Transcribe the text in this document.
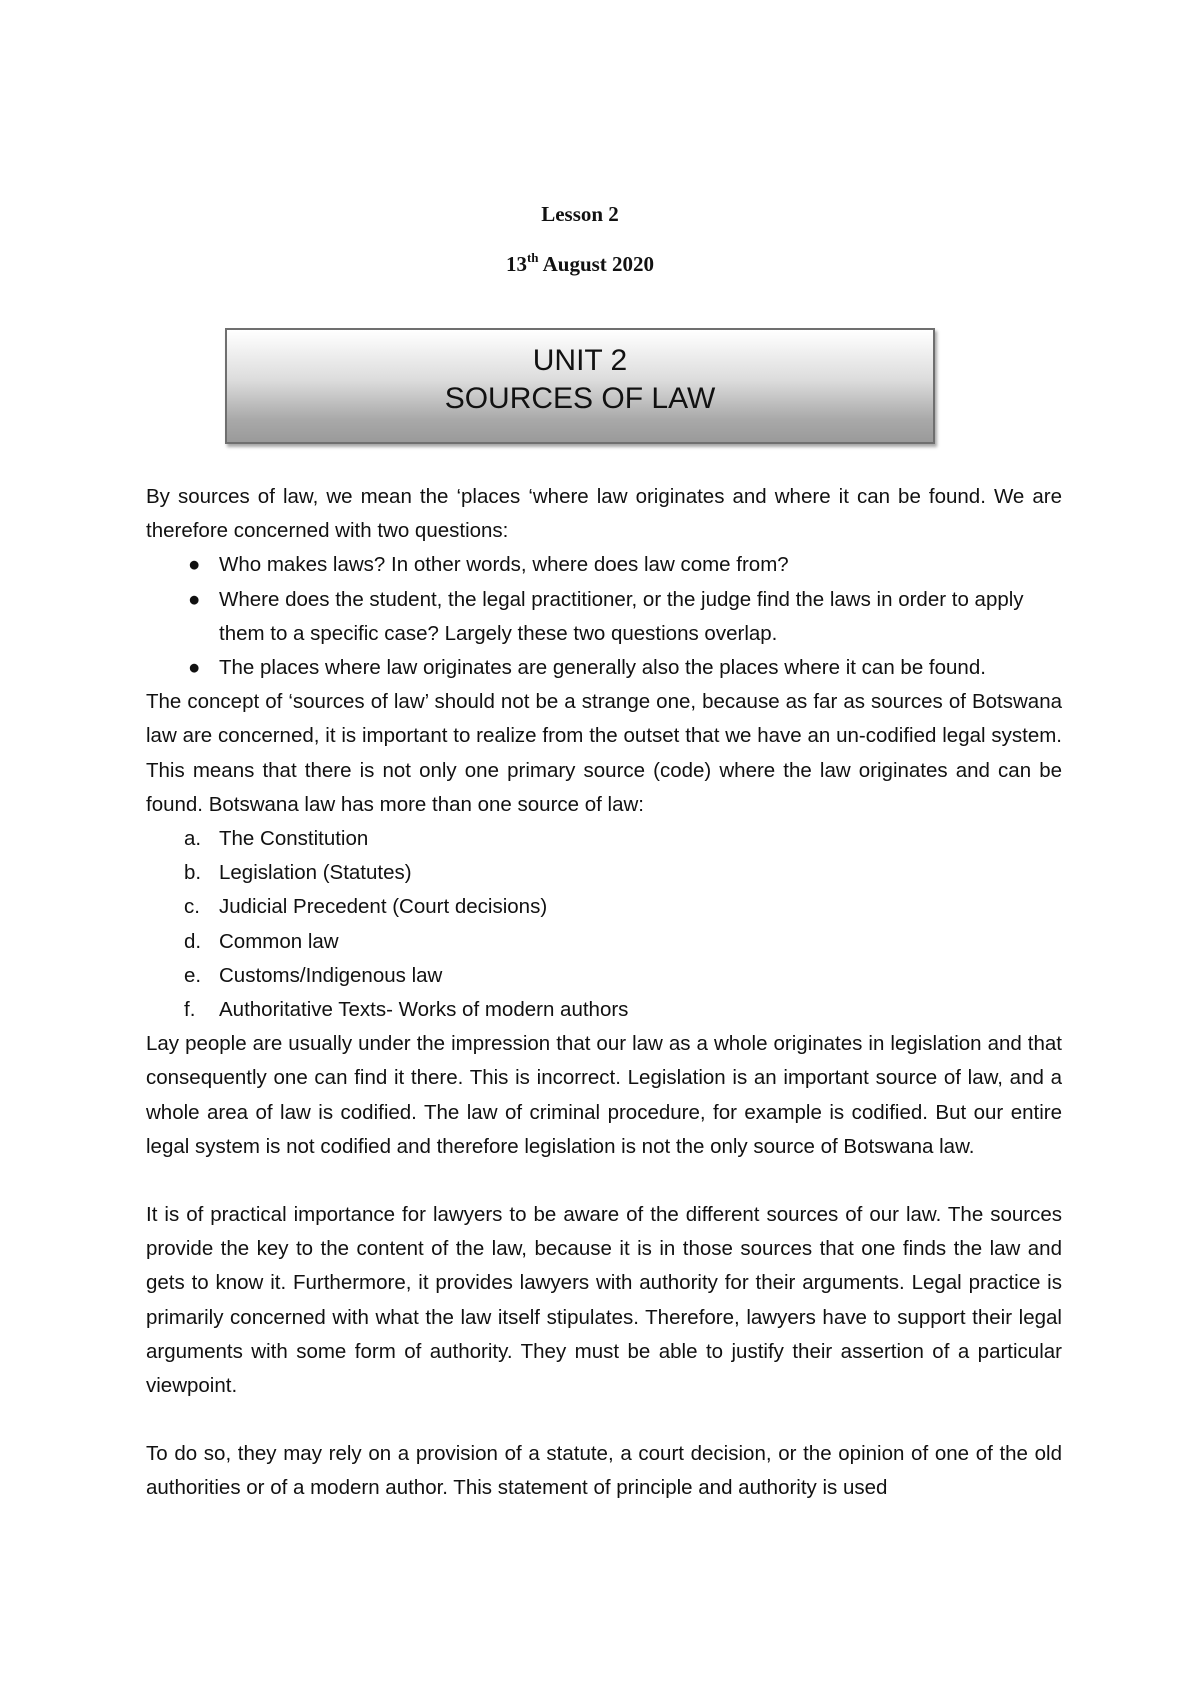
Lesson 2
13th August 2020
UNIT 2
SOURCES OF LAW

By sources of law, we mean the ‘places ‘where law originates and where it can be found. We are therefore concerned with two questions:

● Who makes laws? In other words, where does law come from?
● Where does the student, the legal practitioner, or the judge find the laws in order to apply them to a specific case? Largely these two questions overlap.
● The places where law originates are generally also the places where it can be found.

The concept of ‘sources of law’ should not be a strange one, because as far as sources of Botswana law are concerned, it is important to realize from the outset that we have an un-codified legal system. This means that there is not only one primary source (code) where the law originates and can be found. Botswana law has more than one source of law:

a. The Constitution
b. Legislation (Statutes)
c. Judicial Precedent (Court decisions)
d. Common law
e. Customs/Indigenous law
f. Authoritative Texts- Works of modern authors

Lay people are usually under the impression that our law as a whole originates in legislation and that consequently one can find it there. This is incorrect. Legislation is an important source of law, and a whole area of law is codified. The law of criminal procedure, for example is codified. But our entire legal system is not codified and therefore legislation is not the only source of Botswana law.

It is of practical importance for lawyers to be aware of the different sources of our law. The sources provide the key to the content of the law, because it is in those sources that one finds the law and gets to know it. Furthermore, it provides lawyers with authority for their arguments. Legal practice is primarily concerned with what the law itself stipulates. Therefore, lawyers have to support their legal arguments with some form of authority. They must be able to justify their assertion of a particular viewpoint.

To do so, they may rely on a provision of a statute, a court decision, or the opinion of one of the old authorities or of a modern author. This statement of principle and authority is used
